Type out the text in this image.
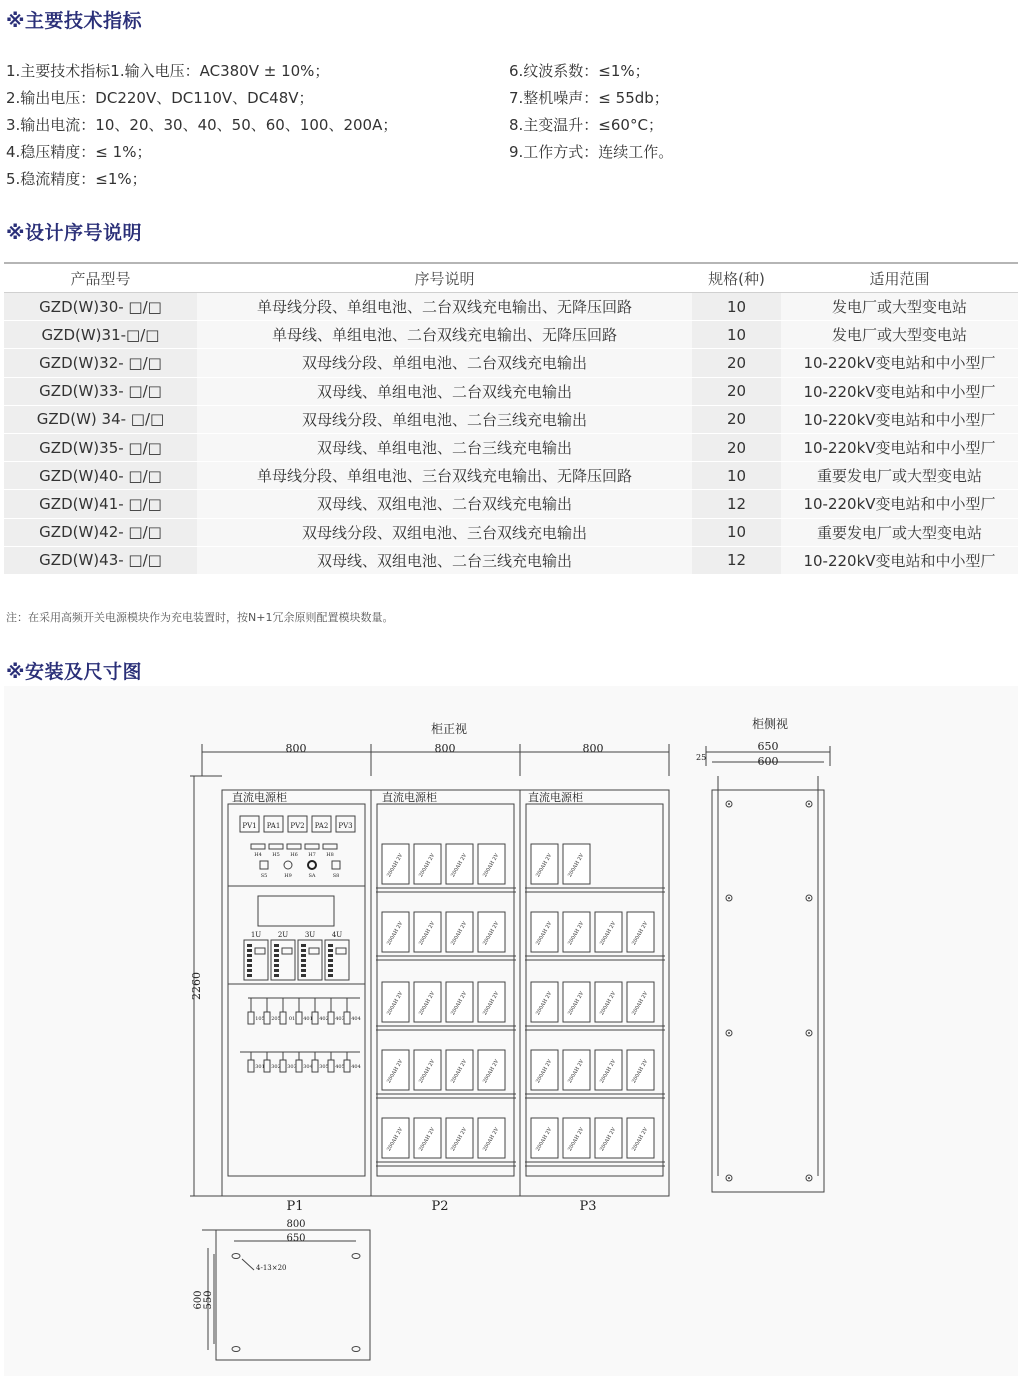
※主要技术指标
1.主要技术指标1.输入电压：AC380V ± 10%；
2.输出电压：DC220V、DC110V、DC48V；
3.输出电流：10、20、30、40、50、60、100、200A；
4.稳压精度：≤ 1%；
5.稳流精度：≤1%；
6.纹波系数：≤1%；
7.整机噪声：≤ 55db；
8.主变温升：≤60°C；
9.工作方式：连续工作。
※设计序号说明
产品型号	序号说明	规格(种)	适用范围
GZD(W)30- □/□	单母线分段、单组电池、二台双线充电输出、无降压回路	10	发电厂或大型变电站
GZD(W)31-□/□	单母线、单组电池、二台双线充电输出、无降压回路	10	发电厂或大型变电站
GZD(W)32- □/□	双母线分段、单组电池、二台双线充电输出	20	10-220kV变电站和中小型厂
GZD(W)33- □/□	双母线、单组电池、二台双线充电输出	20	10-220kV变电站和中小型厂
GZD(W) 34- □/□	双母线分段、单组电池、二台三线充电输出	20	10-220kV变电站和中小型厂
GZD(W)35- □/□	双母线、单组电池、二台三线充电输出	20	10-220kV变电站和中小型厂
GZD(W)40- □/□	单母线分段、单组电池、三台双线充电输出、无降压回路	10	重要发电厂或大型变电站
GZD(W)41- □/□	双母线、双组电池、二台双线充电输出	12	10-220kV变电站和中小型厂
GZD(W)42- □/□	双母线分段、双组电池、三台双线充电输出	10	重要发电厂或大型变电站
GZD(W)43- □/□	双母线、双组电池、二台三线充电输出	12	10-220kV变电站和中小型厂
注：在采用高频开关电源模块作为充电装置时，按N+1冗余原则配置模块数量。
※安装及尺寸图
PV1 PA1 PV2 PA2 PV3
H4 H5 H6 H7 H8
S5	H9	SA	S8
1U 2U 3U 4U
105 205 01 401 402 403 404
301 302 303 304 305 405 404
200AH 2V	200AH 2V	200AH 2V	200AH 2V
200AH 2V	200AH 2V	200AH 2V	200AH 2V
200AH 2V	200AH 2V	200AH 2V	200AH 2V
200AH 2V	200AH 2V	200AH 2V	200AH 2V
200AH 2V	200AH 2V	200AH 2V	200AH 2V
200AH 2V	200AH 2V
200AH 2V	200AH 2V	200AH 2V	200AH 2V
200AH 2V	200AH 2V	200AH 2V	200AH 2V
200AH 2V	200AH 2V	200AH 2V	200AH 2V
200AH 2V	200AH 2V	200AH 2V	200AH 2V
柜正视	柜侧视
800	800	800
2260
直流电源柜	直流电源柜	直流电源柜
P1	P2	P3
650
600
25
800
650
600 550
4-13×20
